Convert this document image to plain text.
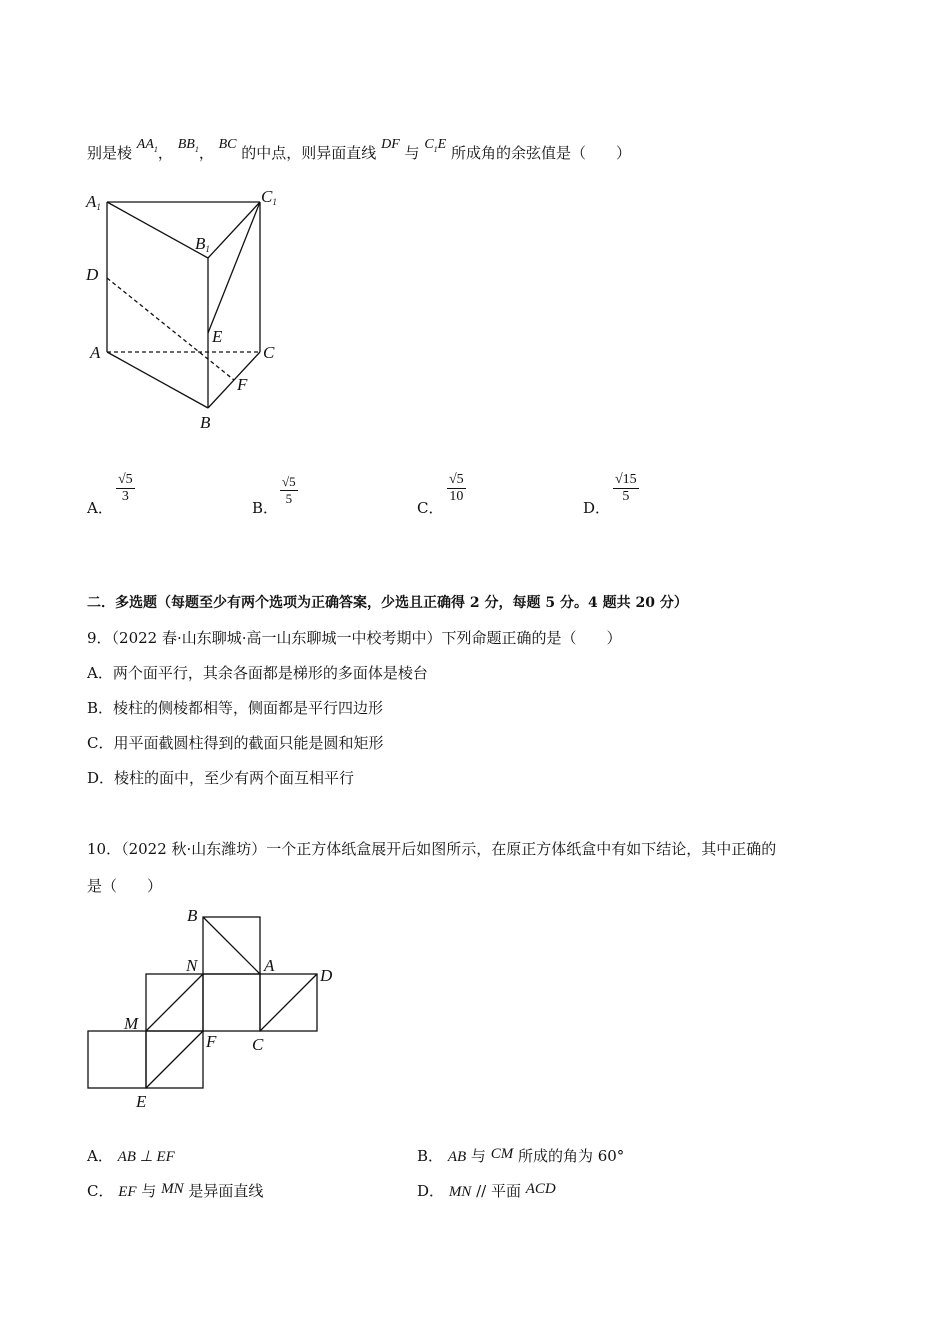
别是棱 $AA_1$， $BB_1$， BC 的中点，则异面直线 DF 与 $C_1E$ 所成角的余弦值是（　　）
A1
C1
B1
D
E
A	C
F
B
A．
$\frac{√5}{3}$
B．
$\frac{√5}{5}$
C．
$\frac{√5}{10}$
D．
$\frac{√15}{5}$
二．多选题（每题至少有两个选项为正确答案，少选且正确得 2 分，每题 5 分。4 题共 20 分）
9．（2022 春·山东聊城·高一山东聊城一中校考期中）下列命题正确的是（　　）
A．两个面平行，其余各面都是梯形的多面体是棱台
B．棱柱的侧棱都相等，侧面都是平行四边形
C．用平面截圆柱得到的截面只能是圆和矩形
D．棱柱的面中，至少有两个面互相平行
10．（2022 秋·山东潍坊）一个正方体纸盒展开后如图所示，在原正方体纸盒中有如下结论，其中正确的
是（　　）
B
N	A
D
M
F C
E
A． AB ⊥ EF	B． AB 与 CM 所成的角为 60°
C． EF 与 MN 是异面直线	D． MN // 平面 ACD
